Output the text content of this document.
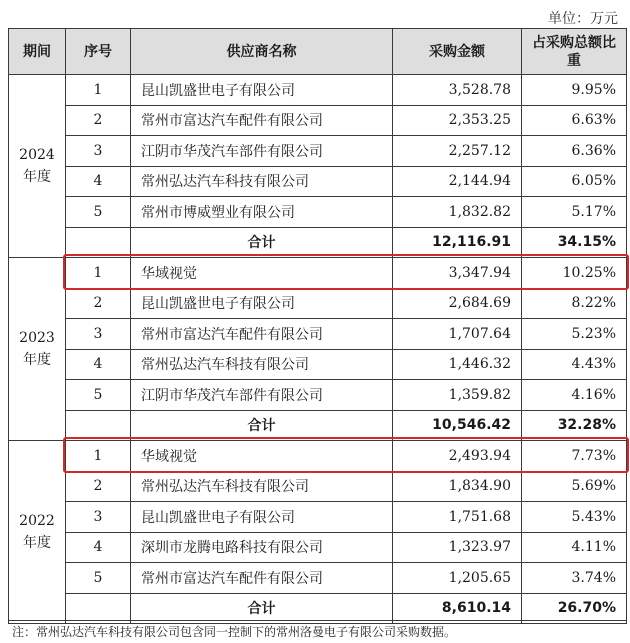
单位：万元
期间	序号	供应商名称	采购金额	占采购总额比重

2024
年度	1	昆山凯盛世电子有限公司	3,528.78	9.95%
	2	常州市富达汽车配件有限公司	2,353.25	6.63%
	3	江阴市华茂汽车部件有限公司	2,257.12	6.36%
	4	常州弘达汽车科技有限公司	2,144.94	6.05%
	5	常州市博威塑业有限公司	1,832.82	5.17%
		合计	12,116.91	34.15%

2023
年度	1	华域视觉	3,347.94	10.25%
	2	昆山凯盛世电子有限公司	2,684.69	8.22%
	3	常州市富达汽车配件有限公司	1,707.64	5.23%
	4	常州弘达汽车科技有限公司	1,446.32	4.43%
	5	江阴市华茂汽车部件有限公司	1,359.82	4.16%
		合计	10,546.42	32.28%

2022
年度	1	华域视觉	2,493.94	7.73%
	2	常州弘达汽车科技有限公司	1,834.90	5.69%
	3	昆山凯盛世电子有限公司	1,751.68	5.43%
	4	深圳市龙腾电路科技有限公司	1,323.97	4.11%
	5	常州市富达汽车配件有限公司	1,205.65	3.74%
		合计	8,610.14	26.70%
注：常州弘达汽车科技有限公司包含同一控制下的常州洛曼电子有限公司采购数据。
